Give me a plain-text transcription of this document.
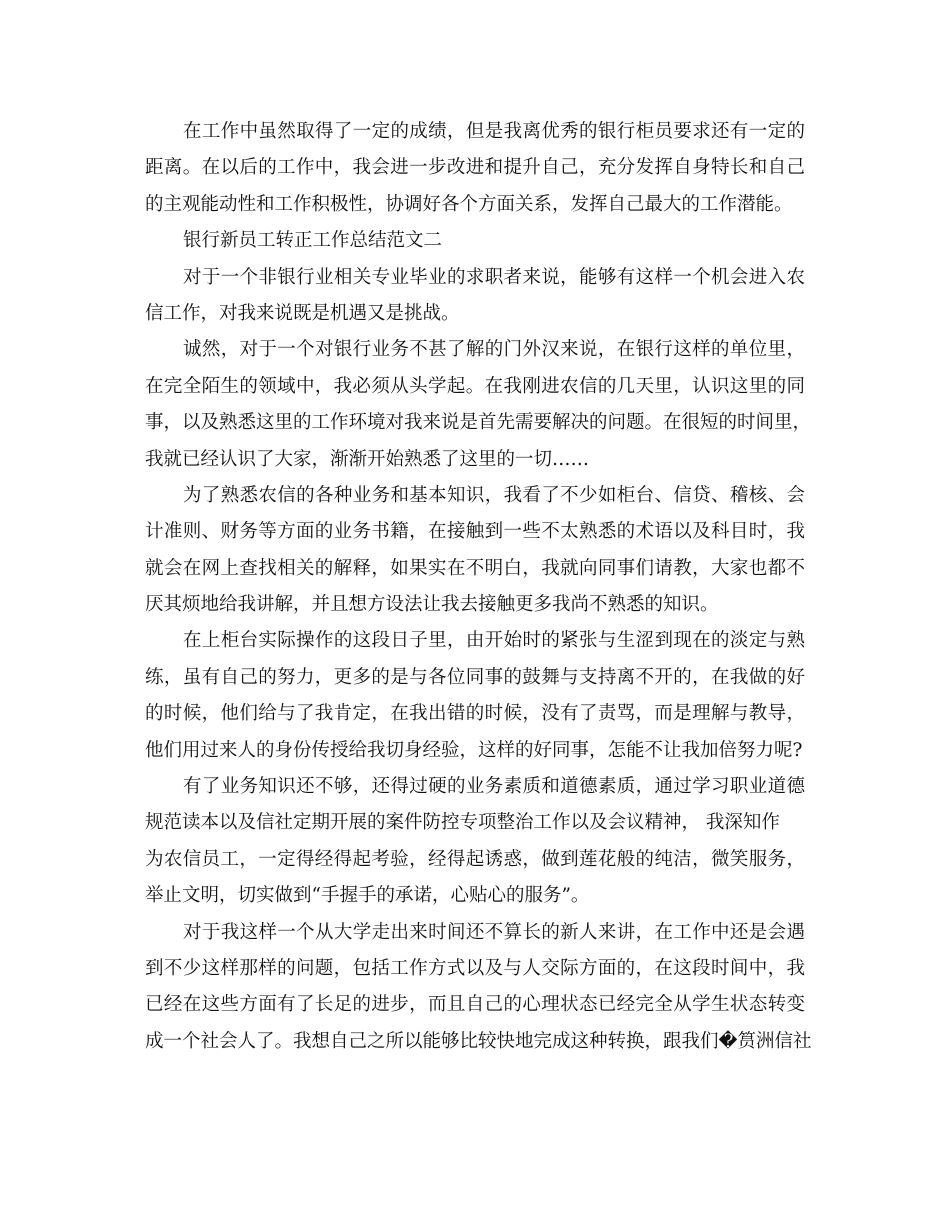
在工作中虽然取得了一定的成绩，但是我离优秀的银行柜员要求还有一定的
距离。在以后的工作中，我会进一步改进和提升自己，充分发挥自身特长和自己
的主观能动性和工作积极性，协调好各个方面关系，发挥自己最大的工作潜能。
银行新员工转正工作总结范文二
对于一个非银行业相关专业毕业的求职者来说，能够有这样一个机会进入农
信工作，对我来说既是机遇又是挑战。
诚然，对于一个对银行业务不甚了解的门外汉来说，在银行这样的单位里，
在完全陌生的领域中，我必须从头学起。在我刚进农信的几天里，认识这里的同
事，以及熟悉这里的工作环境对我来说是首先需要解决的问题。在很短的时间里，
我就已经认识了大家，渐渐开始熟悉了这里的一切……
为了熟悉农信的各种业务和基本知识，我看了不少如柜台、信贷、稽核、会
计准则、财务等方面的业务书籍，在接触到一些不太熟悉的术语以及科目时，我
就会在网上查找相关的解释，如果实在不明白，我就向同事们请教，大家也都不
厌其烦地给我讲解，并且想方设法让我去接触更多我尚不熟悉的知识。
在上柜台实际操作的这段日子里，由开始时的紧张与生涩到现在的淡定与熟
练，虽有自己的努力，更多的是与各位同事的鼓舞与支持离不开的，在我做的好
的时候，他们给与了我肯定，在我出错的时候，没有了责骂，而是理解与教导，
他们用过来人的身份传授给我切身经验，这样的好同事，怎能不让我加倍努力呢?
有了业务知识还不够，还得过硬的业务素质和道德素质，通过学习职业道德
规范读本以及信社定期开展的案件防控专项整治工作以及会议精神， 我深知作
为农信员工，一定得经得起考验，经得起诱惑，做到莲花般的纯洁，微笑服务，
举止文明，切实做到“手握手的承诺，心贴心的服务”。
对于我这样一个从大学走出来时间还不算长的新人来讲，在工作中还是会遇
到不少这样那样的问题，包括工作方式以及与人交际方面的，在这段时间中，我
已经在这些方面有了长足的进步，而且自己的心理状态已经完全从学生状态转变
成一个社会人了。我想自己之所以能够比较快地完成这种转换，跟我们�筼洲信社
